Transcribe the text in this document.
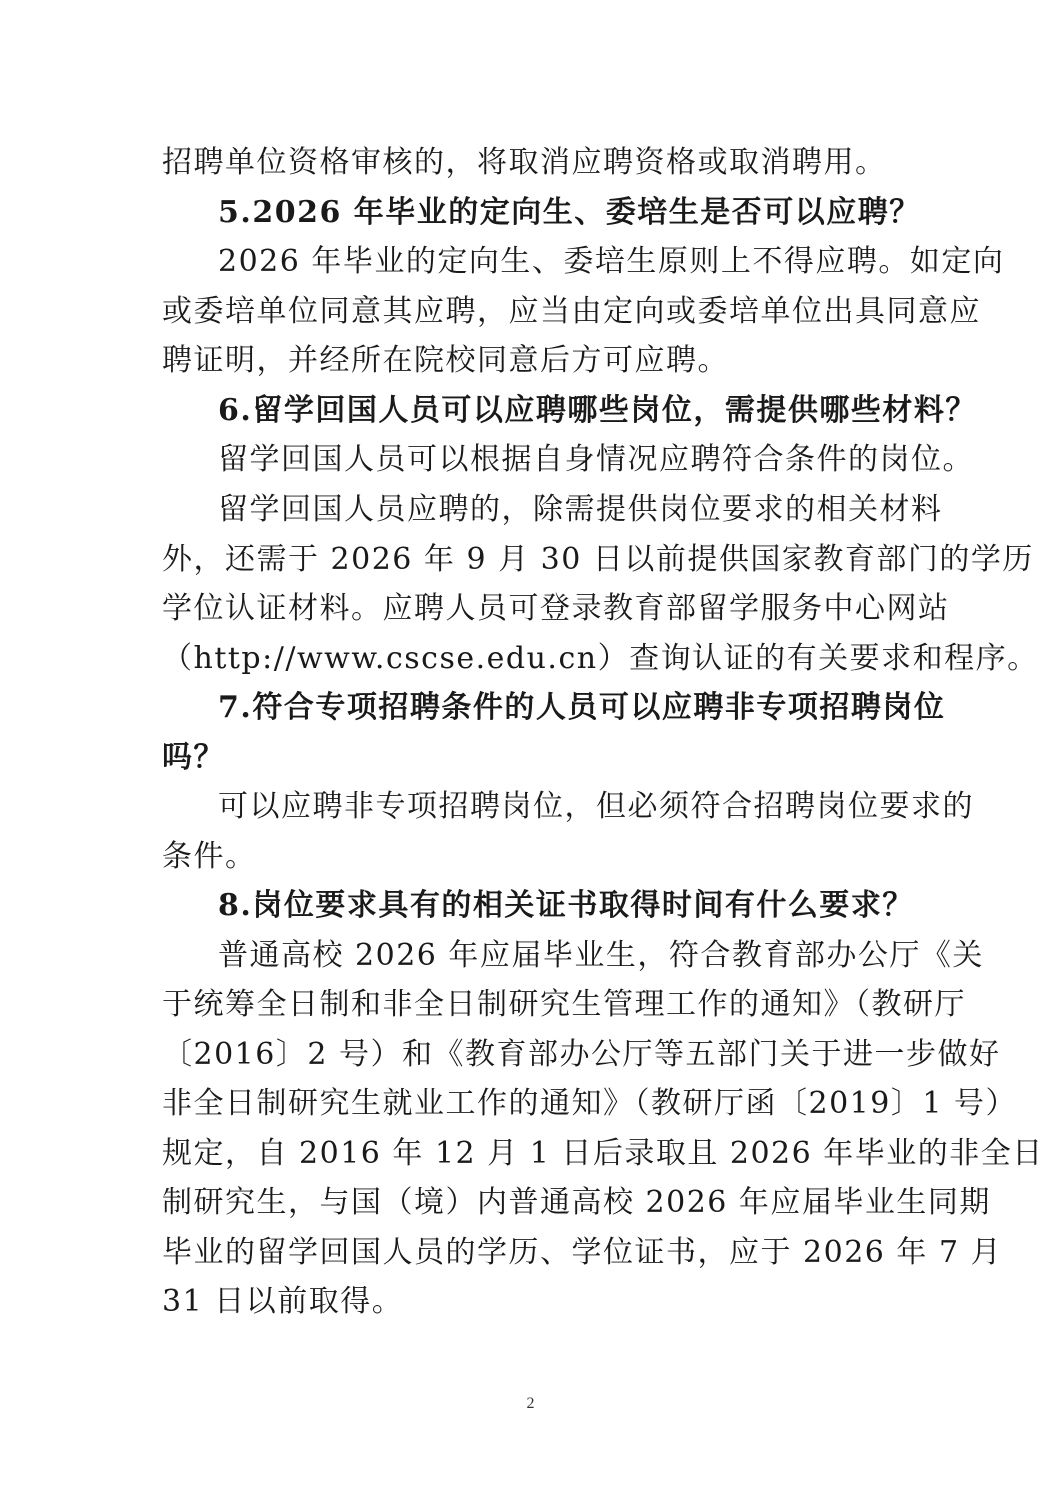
招聘单位资格审核的，将取消应聘资格或取消聘用。

5.2026 年毕业的定向生、委培生是否可以应聘？

2026 年毕业的定向生、委培生原则上不得应聘。如定向

或委培单位同意其应聘，应当由定向或委培单位出具同意应

聘证明，并经所在院校同意后方可应聘。

6.留学回国人员可以应聘哪些岗位，需提供哪些材料？

留学回国人员可以根据自身情况应聘符合条件的岗位。

留学回国人员应聘的，除需提供岗位要求的相关材料

外，还需于 2026 年 9 月 30 日以前提供国家教育部门的学历

学位认证材料。应聘人员可登录教育部留学服务中心网站

（http://www.cscse.edu.cn）查询认证的有关要求和程序。

7.符合专项招聘条件的人员可以应聘非专项招聘岗位

吗？

可以应聘非专项招聘岗位，但必须符合招聘岗位要求的

条件。

8.岗位要求具有的相关证书取得时间有什么要求？

普通高校 2026 年应届毕业生，符合教育部办公厅《关

于统筹全日制和非全日制研究生管理工作的通知》（教研厅

〔2016〕2 号）和《教育部办公厅等五部门关于进一步做好

非全日制研究生就业工作的通知》（教研厅函〔2019〕1 号）

规定，自 2016 年 12 月 1 日后录取且 2026 年毕业的非全日

制研究生，与国（境）内普通高校 2026 年应届毕业生同期

毕业的留学回国人员的学历、学位证书，应于 2026 年 7 月

31 日以前取得。

2
